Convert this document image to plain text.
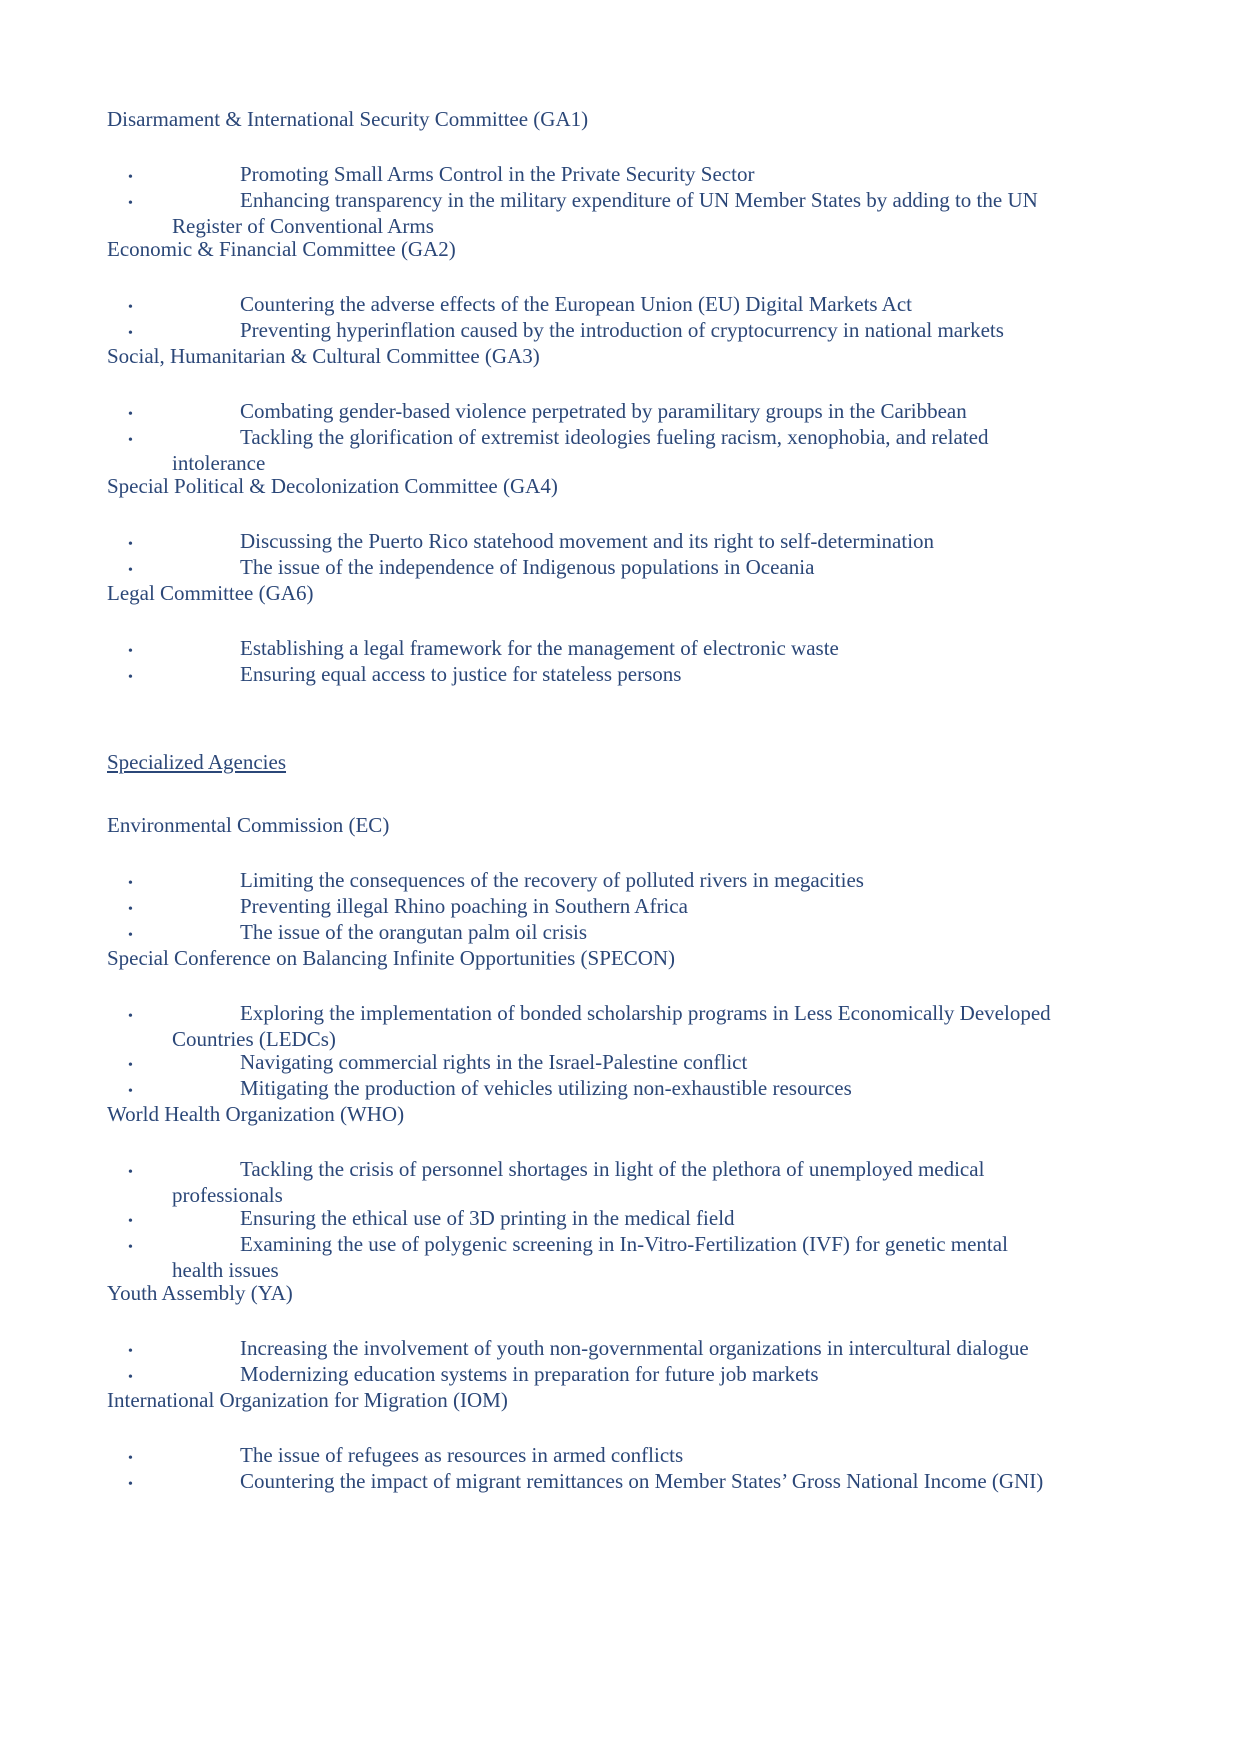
Disarmament & International Security Committee (GA1)
•	Promoting Small Arms Control in the Private Security Sector
•	Enhancing transparency in the military expenditure of UN Member States by adding to the UN Register of Conventional Arms
Economic & Financial Committee (GA2)
•	Countering the adverse effects of the European Union (EU) Digital Markets Act
•	Preventing hyperinflation caused by the introduction of cryptocurrency in national markets
Social, Humanitarian & Cultural Committee (GA3)
•	Combating gender-based violence perpetrated by paramilitary groups in the Caribbean
•	Tackling the glorification of extremist ideologies fueling racism, xenophobia, and related intolerance
Special Political & Decolonization Committee (GA4)
•	Discussing the Puerto Rico statehood movement and its right to self-determination
•	The issue of the independence of Indigenous populations in Oceania
Legal Committee (GA6)
•	Establishing a legal framework for the management of electronic waste
•	Ensuring equal access to justice for stateless persons
Specialized Agencies
Environmental Commission (EC)
•	Limiting the consequences of the recovery of polluted rivers in megacities
•	Preventing illegal Rhino poaching in Southern Africa
•	The issue of the orangutan palm oil crisis
Special Conference on Balancing Infinite Opportunities (SPECON)
•	Exploring the implementation of bonded scholarship programs in Less Economically Developed Countries (LEDCs)
•	Navigating commercial rights in the Israel-Palestine conflict
•	Mitigating the production of vehicles utilizing non-exhaustible resources
World Health Organization (WHO)
•	Tackling the crisis of personnel shortages in light of the plethora of unemployed medical professionals
•	Ensuring the ethical use of 3D printing in the medical field
•	Examining the use of polygenic screening in In-Vitro-Fertilization (IVF) for genetic mental health issues
Youth Assembly (YA)
•	Increasing the involvement of youth non-governmental organizations in intercultural dialogue
•	Modernizing education systems in preparation for future job markets
International Organization for Migration (IOM)
•	The issue of refugees as resources in armed conflicts
•	Countering the impact of migrant remittances on Member States’ Gross National Income (GNI)
